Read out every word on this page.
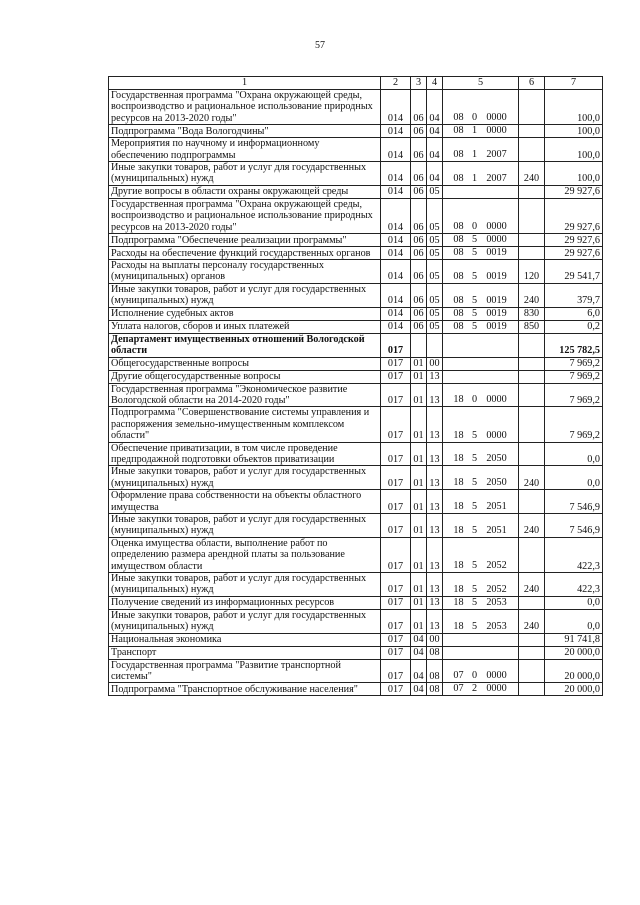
57
1	2	3	4	5	6	7
Государственная программа "Охрана окружающей среды, воспроизводство и рациональное использование природных ресурсов на 2013-2020 годы"	014	06	04	08 0 0000		100,0
Подпрограмма "Вода Вологодчины"	014	06	04	08 1 0000		100,0
Мероприятия по научному и информационному обеспечению подпрограммы	014	06	04	08 1 2007		100,0
Иные закупки товаров, работ и услуг для государственных (муниципальных) нужд	014	06	04	08 1 2007	240	100,0
Другие вопросы в области охраны окружающей среды	014	06	05			29 927,6
Государственная программа "Охрана окружающей среды, воспроизводство и рациональное использование природных ресурсов на 2013-2020 годы"	014	06	05	08 0 0000		29 927,6
Подпрограмма "Обеспечение реализации программы"	014	06	05	08 5 0000		29 927,6
Расходы на обеспечение функций государственных органов	014	06	05	08 5 0019		29 927,6
Расходы на выплаты персоналу государственных (муниципальных) органов	014	06	05	08 5 0019	120	29 541,7
Иные закупки товаров, работ и услуг для государственных (муниципальных) нужд	014	06	05	08 5 0019	240	379,7
Исполнение судебных актов	014	06	05	08 5 0019	830	6,0
Уплата налогов, сборов и иных платежей	014	06	05	08 5 0019	850	0,2
Департамент имущественных отношений Вологодской области	017					125 782,5
Общегосударственные вопросы	017	01	00			7 969,2
Другие общегосударственные вопросы	017	01	13			7 969,2
Государственная программа "Экономическое развитие Вологодской области на 2014-2020 годы"	017	01	13	18 0 0000		7 969,2
Подпрограмма "Совершенствование системы управления и распоряжения земельно-имущественным комплексом области"	017	01	13	18 5 0000		7 969,2
Обеспечение приватизации, в том числе проведение предпродажной подготовки объектов приватизации	017	01	13	18 5 2050		0,0
Иные закупки товаров, работ и услуг для государственных (муниципальных) нужд	017	01	13	18 5 2050	240	0,0
Оформление права собственности на объекты областного имущества	017	01	13	18 5 2051		7 546,9
Иные закупки товаров, работ и услуг для государственных (муниципальных) нужд	017	01	13	18 5 2051	240	7 546,9
Оценка имущества области, выполнение работ по определению размера арендной платы за пользование имуществом области	017	01	13	18 5 2052		422,3
Иные закупки товаров, работ и услуг для государственных (муниципальных) нужд	017	01	13	18 5 2052	240	422,3
Получение сведений из информационных ресурсов	017	01	13	18 5 2053		0,0
Иные закупки товаров, работ и услуг для государственных (муниципальных) нужд	017	01	13	18 5 2053	240	0,0
Национальная экономика	017	04	00			91 741,8
Транспорт	017	04	08			20 000,0
Государственная программа "Развитие транспортной системы"	017	04	08	07 0 0000		20 000,0
Подпрограмма "Транспортное обслуживание населения"	017	04	08	07 2 0000		20 000,0
